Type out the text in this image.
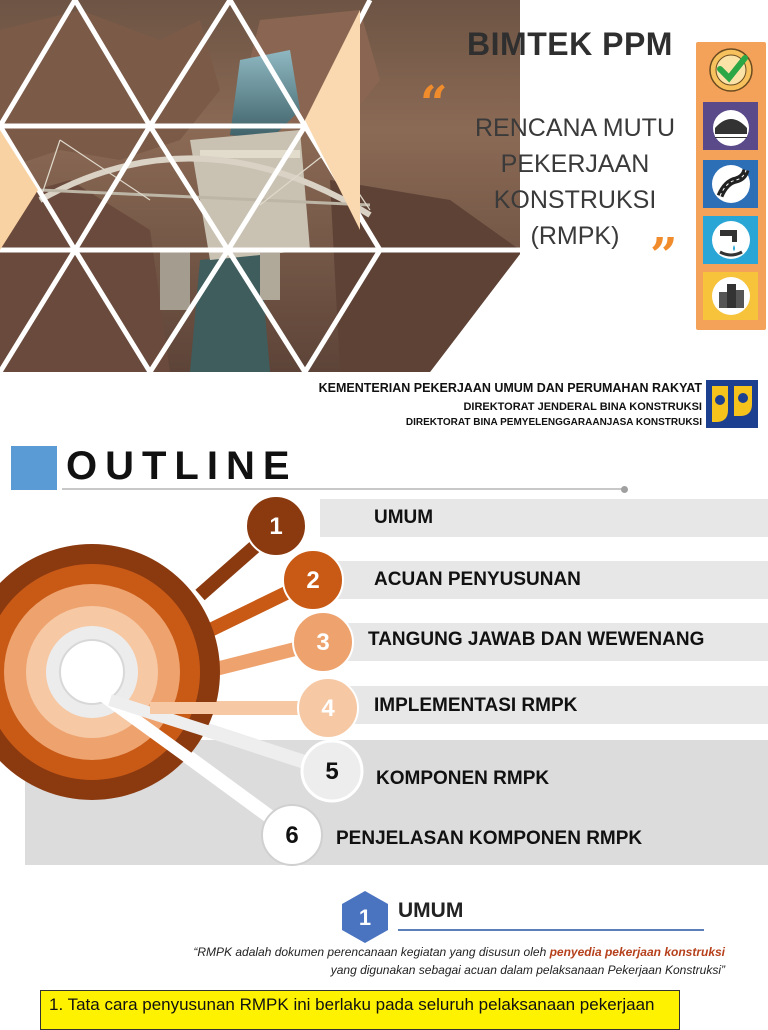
BIMTEK PPM
“	RENCANA MUTU
PEKERJAAN
KONSTRUKSI
(RMPK) ”
KEMENTERIAN PEKERJAAN UMUM DAN PERUMAHAN RAKYAT
DIREKTORAT JENDERAL BINA KONSTRUKSI
DIREKTORAT BINA PEMYELENGGARAANJASA KONSTRUKSI
OUTLINE
1
2
3
4
5
6
UMUM
ACUAN PENYUSUNAN
TANGUNG JAWAB DAN WEWENANG
IMPLEMENTASI RMPK
KOMPONEN RMPK
PENJELASAN KOMPONEN RMPK
1 UMUM
“RMPK adalah dokumen perencanaan kegiatan yang disusun oleh penyedia pekerjaan konstruksi yang digunakan sebagai acuan dalam pelaksanaan Pekerjaan Konstruksi”
1. Tata cara penyusunan RMPK ini berlaku pada seluruh pelaksanaan pekerjaan
